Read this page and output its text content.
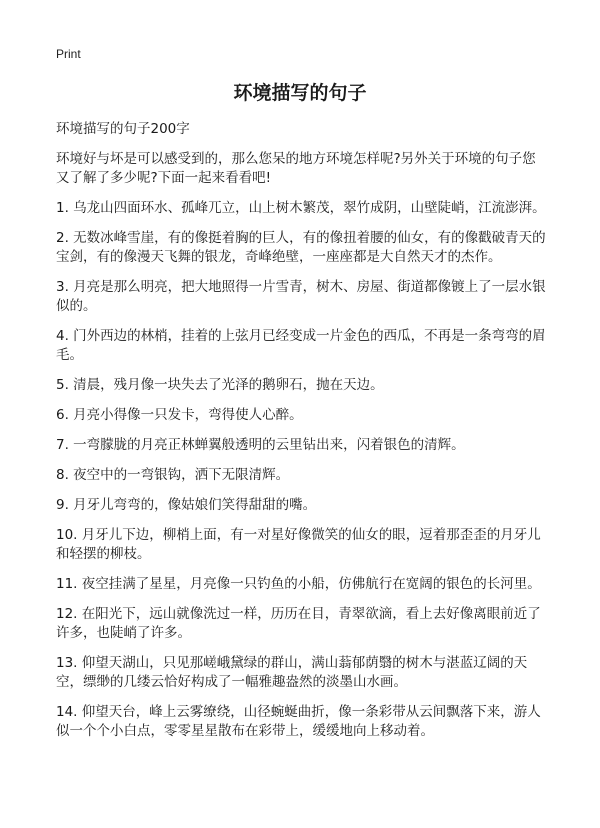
Print
环境描写的句子

环境描写的句子200字

环境好与坏是可以感受到的，那么您呆的地方环境怎样呢?另外关于环境的句子您又了解了多少呢?下面一起来看看吧!

1. 乌龙山四面环水、孤峰兀立，山上树木繁茂，翠竹成阴，山壁陡峭，江流澎湃。
2. 无数冰峰雪崖，有的像挺着胸的巨人，有的像扭着腰的仙女，有的像戳破青天的宝剑，有的像漫天飞舞的银龙，奇峰绝壁，一座座都是大自然天才的杰作。
3. 月亮是那么明亮，把大地照得一片雪青，树木、房屋、街道都像镀上了一层水银似的。
4. 门外西边的林梢，挂着的上弦月已经变成一片金色的西瓜，不再是一条弯弯的眉毛。
5. 清晨，残月像一块失去了光泽的鹅卵石，抛在天边。
6. 月亮小得像一只发卡，弯得使人心醉。
7. 一弯朦胧的月亮正林蝉翼般透明的云里钻出来，闪着银色的清辉。
8. 夜空中的一弯银钩，洒下无限清辉。
9. 月牙儿弯弯的，像姑娘们笑得甜甜的嘴。
10. 月牙儿下边，柳梢上面，有一对星好像微笑的仙女的眼，逗着那歪歪的月牙儿和轻摆的柳枝。
11. 夜空挂满了星星，月亮像一只钓鱼的小船，仿佛航行在宽阔的银色的长河里。
12. 在阳光下，远山就像洗过一样，历历在目，青翠欲滴，看上去好像离眼前近了许多，也陡峭了许多。
13. 仰望天湖山，只见那嵯峨黛绿的群山，满山蓊郁荫翳的树木与湛蓝辽阔的天空，缥缈的几缕云恰好构成了一幅雅趣盎然的淡墨山水画。
14. 仰望天台，峰上云雾缭绕，山径蜿蜒曲折，像一条彩带从云间飘落下来，游人似一个个小白点，零零星星散布在彩带上，缓缓地向上移动着。
